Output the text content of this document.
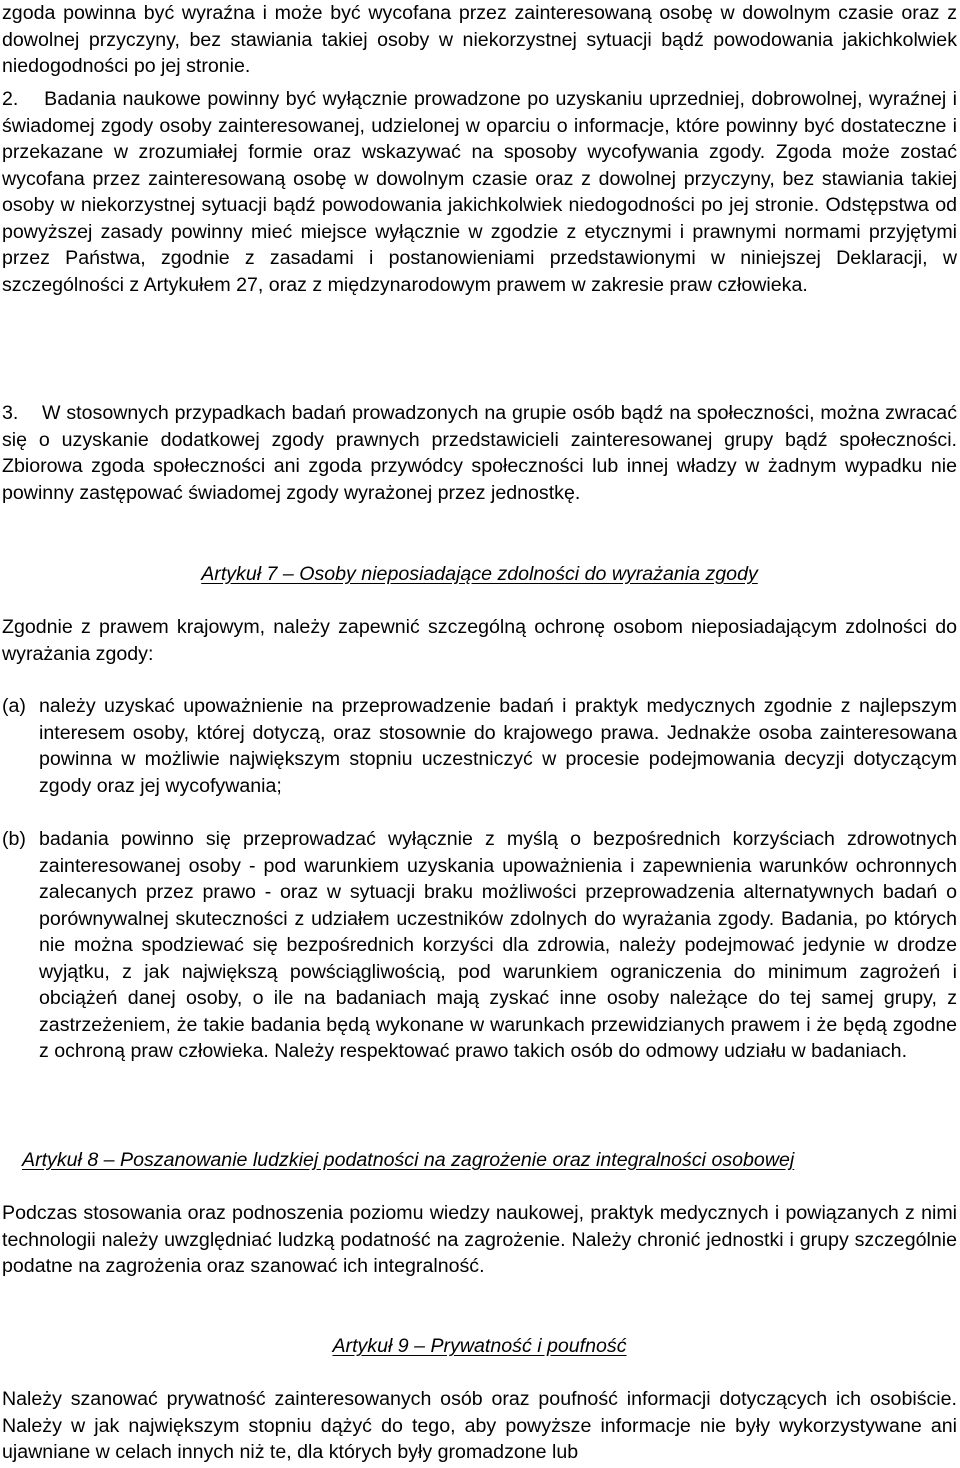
zgoda powinna być wyraźna i może być wycofana przez zainteresowaną osobę w dowolnym czasie oraz z dowolnej przyczyny, bez stawiania takiej osoby w niekorzystnej sytuacji bądź powodowania jakichkolwiek niedogodności po jej stronie.

2. Badania naukowe powinny być wyłącznie prowadzone po uzyskaniu uprzedniej, dobrowolnej, wyraźnej i świadomej zgody osoby zainteresowanej, udzielonej w oparciu o informacje, które powinny być dostateczne i przekazane w zrozumiałej formie oraz wskazywać na sposoby wycofywania zgody. Zgoda może zostać wycofana przez zainteresowaną osobę w dowolnym czasie oraz z dowolnej przyczyny, bez stawiania takiej osoby w niekorzystnej sytuacji bądź powodowania jakichkolwiek niedogodności po jej stronie. Odstępstwa od powyższej zasady powinny mieć miejsce wyłącznie w zgodzie z etycznymi i prawnymi normami przyjętymi przez Państwa, zgodnie z zasadami i postanowieniami przedstawionymi w niniejszej Deklaracji, w szczególności z Artykułem 27, oraz z międzynarodowym prawem w zakresie praw człowieka.

3. W stosownych przypadkach badań prowadzonych na grupie osób bądź na społeczności, można zwracać się o uzyskanie dodatkowej zgody prawnych przedstawicieli zainteresowanej grupy bądź społeczności. Zbiorowa zgoda społeczności ani zgoda przywódcy społeczności lub innej władzy w żadnym wypadku nie powinny zastępować świadomej zgody wyrażonej przez jednostkę.

Artykuł 7 – Osoby nieposiadające zdolności do wyrażania zgody

Zgodnie z prawem krajowym, należy zapewnić szczególną ochronę osobom nieposiadającym zdolności do wyrażania zgody:

(a) należy uzyskać upoważnienie na przeprowadzenie badań i praktyk medycznych zgodnie z najlepszym interesem osoby, której dotyczą, oraz stosownie do krajowego prawa. Jednakże osoba zainteresowana powinna w możliwie największym stopniu uczestniczyć w procesie podejmowania decyzji dotyczącym zgody oraz jej wycofywania;

(b) badania powinno się przeprowadzać wyłącznie z myślą o bezpośrednich korzyściach zdrowotnych zainteresowanej osoby - pod warunkiem uzyskania upoważnienia i zapewnienia warunków ochronnych zalecanych przez prawo - oraz w sytuacji braku możliwości przeprowadzenia alternatywnych badań o porównywalnej skuteczności z udziałem uczestników zdolnych do wyrażania zgody. Badania, po których nie można spodziewać się bezpośrednich korzyści dla zdrowia, należy podejmować jedynie w drodze wyjątku, z jak największą powściągliwością, pod warunkiem ograniczenia do minimum zagrożeń i obciążeń danej osoby, o ile na badaniach mają zyskać inne osoby należące do tej samej grupy, z zastrzeżeniem, że takie badania będą wykonane w warunkach przewidzianych prawem i że będą zgodne z ochroną praw człowieka. Należy respektować prawo takich osób do odmowy udziału w badaniach.

Artykuł 8 – Poszanowanie ludzkiej podatności na zagrożenie oraz integralności osobowej

Podczas stosowania oraz podnoszenia poziomu wiedzy naukowej, praktyk medycznych i powiązanych z nimi technologii należy uwzględniać ludzką podatność na zagrożenie. Należy chronić jednostki i grupy szczególnie podatne na zagrożenia oraz szanować ich integralność.

Artykuł 9 – Prywatność i poufność

Należy szanować prywatność zainteresowanych osób oraz poufność informacji dotyczących ich osobiście. Należy w jak największym stopniu dążyć do tego, aby powyższe informacje nie były wykorzystywane ani ujawniane w celach innych niż te, dla których były gromadzone lub
